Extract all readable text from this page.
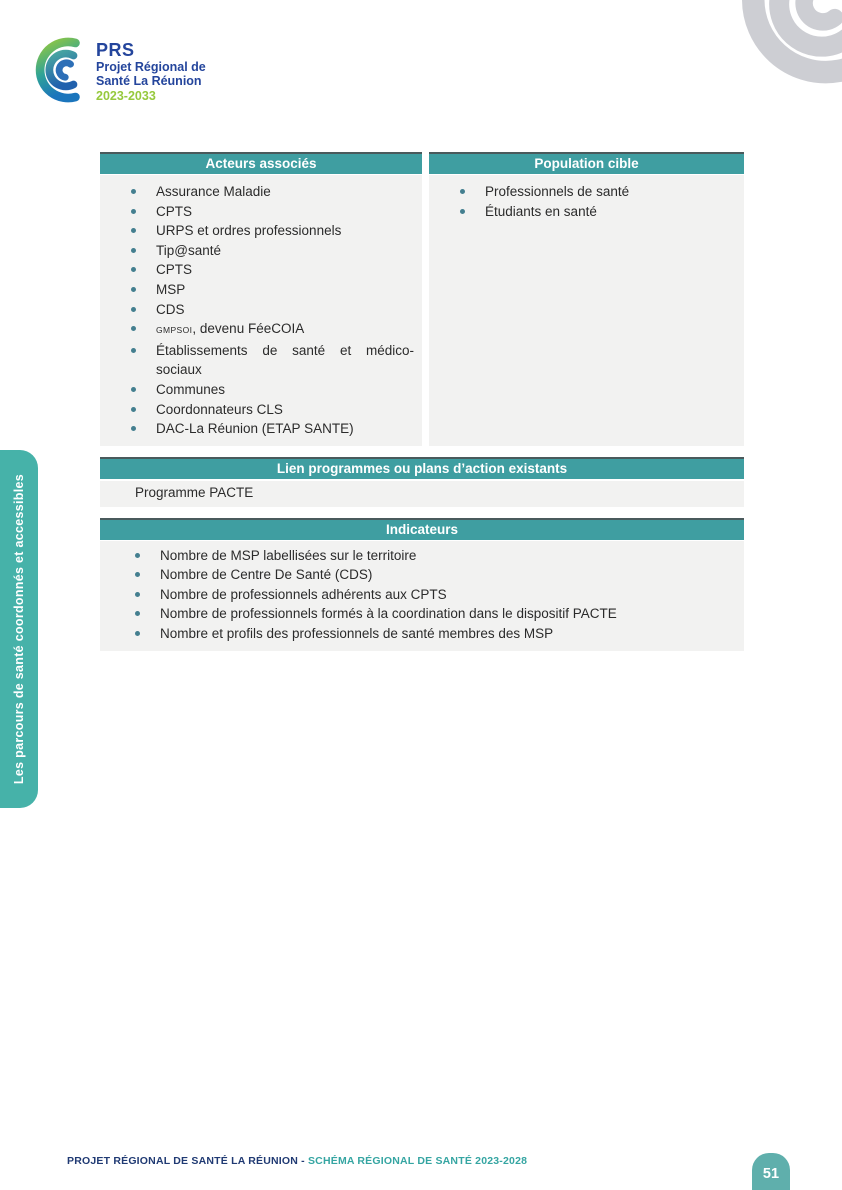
PRS
Projet Régional de
Santé La Réunion
2023-2033
Les parcours de santé coordonnés et accessibles
Acteurs associés
Assurance Maladie
CPTS
URPS et ordres professionnels
Tip@santé
CPTS
MSP
CDS
GMPSOI, devenu FéeCOIA
Établissements de santé et médico-sociaux
Communes
Coordonnateurs CLS
DAC-La Réunion (ETAP SANTE)
Population cible
Professionnels de santé
Étudiants en santé
Lien programmes ou plans d’action existants
Programme PACTE
Indicateurs
Nombre de MSP labellisées sur le territoire
Nombre de Centre De Santé (CDS)
Nombre de professionnels adhérents aux CPTS
Nombre de professionnels formés à la coordination dans le dispositif PACTE
Nombre et profils des professionnels de santé membres des MSP
PROJET RÉGIONAL DE SANTÉ LA RÉUNION - SCHÉMA RÉGIONAL DE SANTÉ 2023-2028
51
